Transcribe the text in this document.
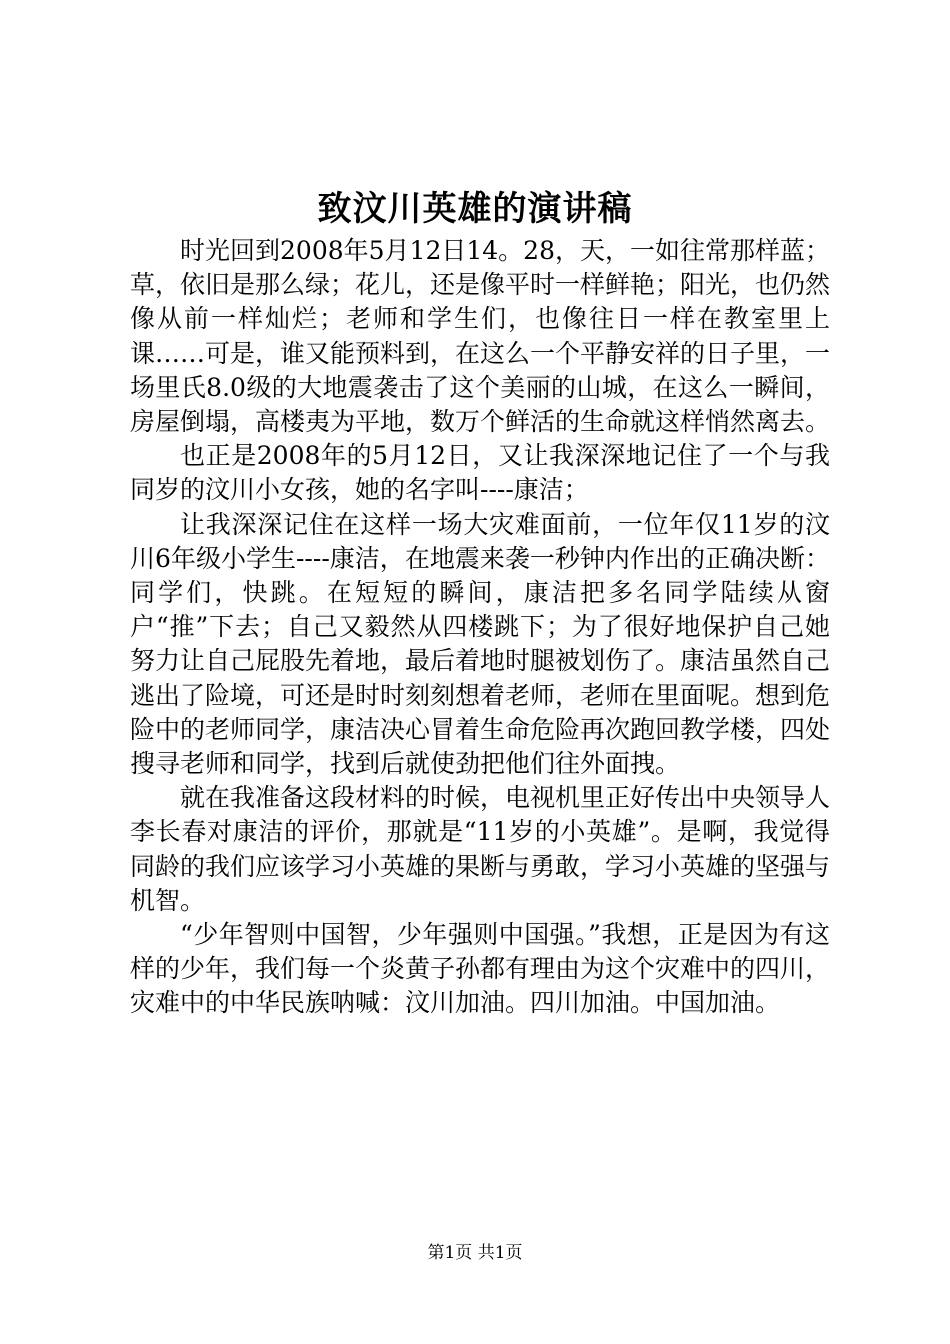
致汶川英雄的演讲稿

时光回到2008年5月12日14。28，天，一如往常那样蓝；草，依旧是那么绿；花儿，还是像平时一样鲜艳；阳光，也仍然像从前一样灿烂；老师和学生们，也像往日一样在教室里上课……可是，谁又能预料到，在这么一个平静安祥的日子里，一场里氏8.0级的大地震袭击了这个美丽的山城，在这么一瞬间，房屋倒塌，高楼夷为平地，数万个鲜活的生命就这样悄然离去。

也正是2008年的5月12日，又让我深深地记住了一个与我同岁的汶川小女孩，她的名字叫----康洁；

让我深深记住在这样一场大灾难面前，一位年仅11岁的汶川6年级小学生----康洁，在地震来袭一秒钟内作出的正确决断：同学们，快跳。在短短的瞬间，康洁把多名同学陆续从窗户“推”下去；自己又毅然从四楼跳下；为了很好地保护自己她努力让自己屁股先着地，最后着地时腿被划伤了。康洁虽然自己逃出了险境，可还是时时刻刻想着老师，老师在里面呢。想到危险中的老师同学，康洁决心冒着生命危险再次跑回教学楼，四处搜寻老师和同学，找到后就使劲把他们往外面拽。

就在我准备这段材料的时候，电视机里正好传出中央领导人李长春对康洁的评价，那就是“11岁的小英雄”。是啊，我觉得同龄的我们应该学习小英雄的果断与勇敢，学习小英雄的坚强与机智。

“少年智则中国智，少年强则中国强。”我想，正是因为有这样的少年，我们每一个炎黄子孙都有理由为这个灾难中的四川，灾难中的中华民族呐喊：汶川加油。四川加油。中国加油。

第1页 共1页
